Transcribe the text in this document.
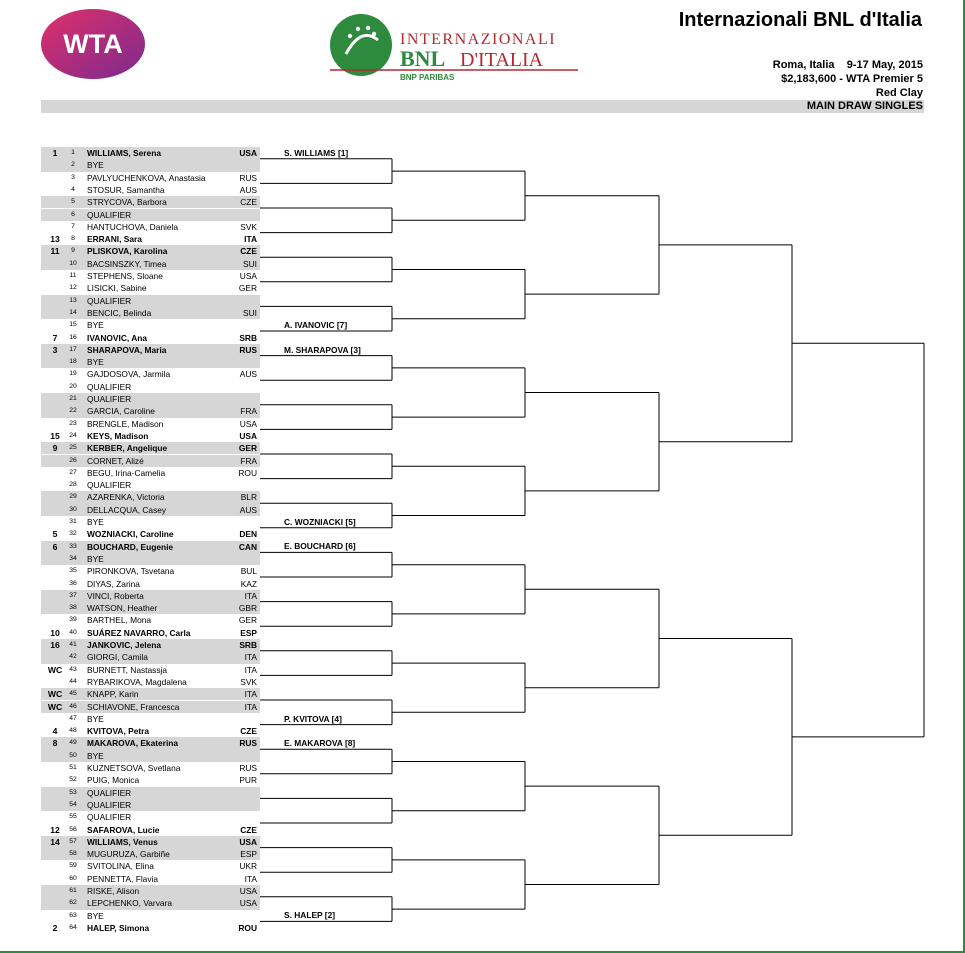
WTA	INTERNAZIONALI
BNL D'ITALIA
BNP PARIBAS
Internazionali BNL d'Italia
Roma, Italia 9-17 May, 2015
$2,183,600 - WTA Premier 5
Red Clay
MAIN DRAW SINGLES
1	1	WILLIAMS, Serena	USA
2	BYE
3	PAVLYUCHENKOVA, Anastasia	RUS
4	STOSUR, Samantha	AUS
5	STRYCOVA, Barbora	CZE
6	QUALIFIER
7	HANTUCHOVA, Daniela	SVK
13	8	ERRANI, Sara	ITA
11	9	PLISKOVA, Karolina	CZE
10 BACSINSZKY, Timea	SUI
11 STEPHENS, Sloane	USA
12 LISICKI, Sabine	GER
13 QUALIFIER
14 BENCIC, Belinda	SUI
15 BYE
7	16 IVANOVIC, Ana	SRB
3	17 SHARAPOVA, Maria	RUS
18 BYE
19 GAJDOSOVA, Jarmila	AUS
20 QUALIFIER
21 QUALIFIER
22 GARCIA, Caroline	FRA
23 BRENGLE, Madison	USA
15	24 KEYS, Madison	USA
9	25 KERBER, Angelique	GER
26 CORNET, Alizé	FRA
27 BEGU, Irina-Camelia	ROU
28 QUALIFIER
29 AZARENKA, Victoria	BLR
30 DELLACQUA, Casey	AUS
31 BYE
5	32 WOZNIACKI, Caroline	DEN
6	33 BOUCHARD, Eugenie	CAN
34 BYE
35 PIRONKOVA, Tsvetana	BUL
36 DIYAS, Zarina	KAZ
37 VINCI, Roberta	ITA
38 WATSON, Heather	GBR
39 BARTHEL, Mona	GER
10	40 SUÁREZ NAVARRO, Carla	ESP
16	41 JANKOVIC, Jelena	SRB
42 GIORGI, Camila	ITA
WC	43 BURNETT, Nastassja	ITA
44 RYBARIKOVA, Magdalena	SVK
WC	45 KNAPP, Karin	ITA
WC	46 SCHIAVONE, Francesca	ITA
47 BYE
4	48 KVITOVA, Petra	CZE
8	49 MAKAROVA, Ekaterina	RUS
50 BYE
51 KUZNETSOVA, Svetlana	RUS
52 PUIG, Monica	PUR
53 QUALIFIER
54 QUALIFIER
55 QUALIFIER
12	56 SAFAROVA, Lucie	CZE
14	57 WILLIAMS, Venus	USA
58 MUGURUZA, Garbiñe	ESP
59 SVITOLINA, Elina	UKR
60 PENNETTA, Flavia	ITA
61 RISKE, Alison	USA
62 LEPCHENKO, Varvara	USA
63 BYE
2	64 HALEP, Simona	ROU
S. WILLIAMS [1]
A. IVANOVIC [7]
M. SHARAPOVA [3]
C. WOZNIACKI [5]
E. BOUCHARD [6]
P. KVITOVA [4]
E. MAKAROVA [8]
S. HALEP [2]
